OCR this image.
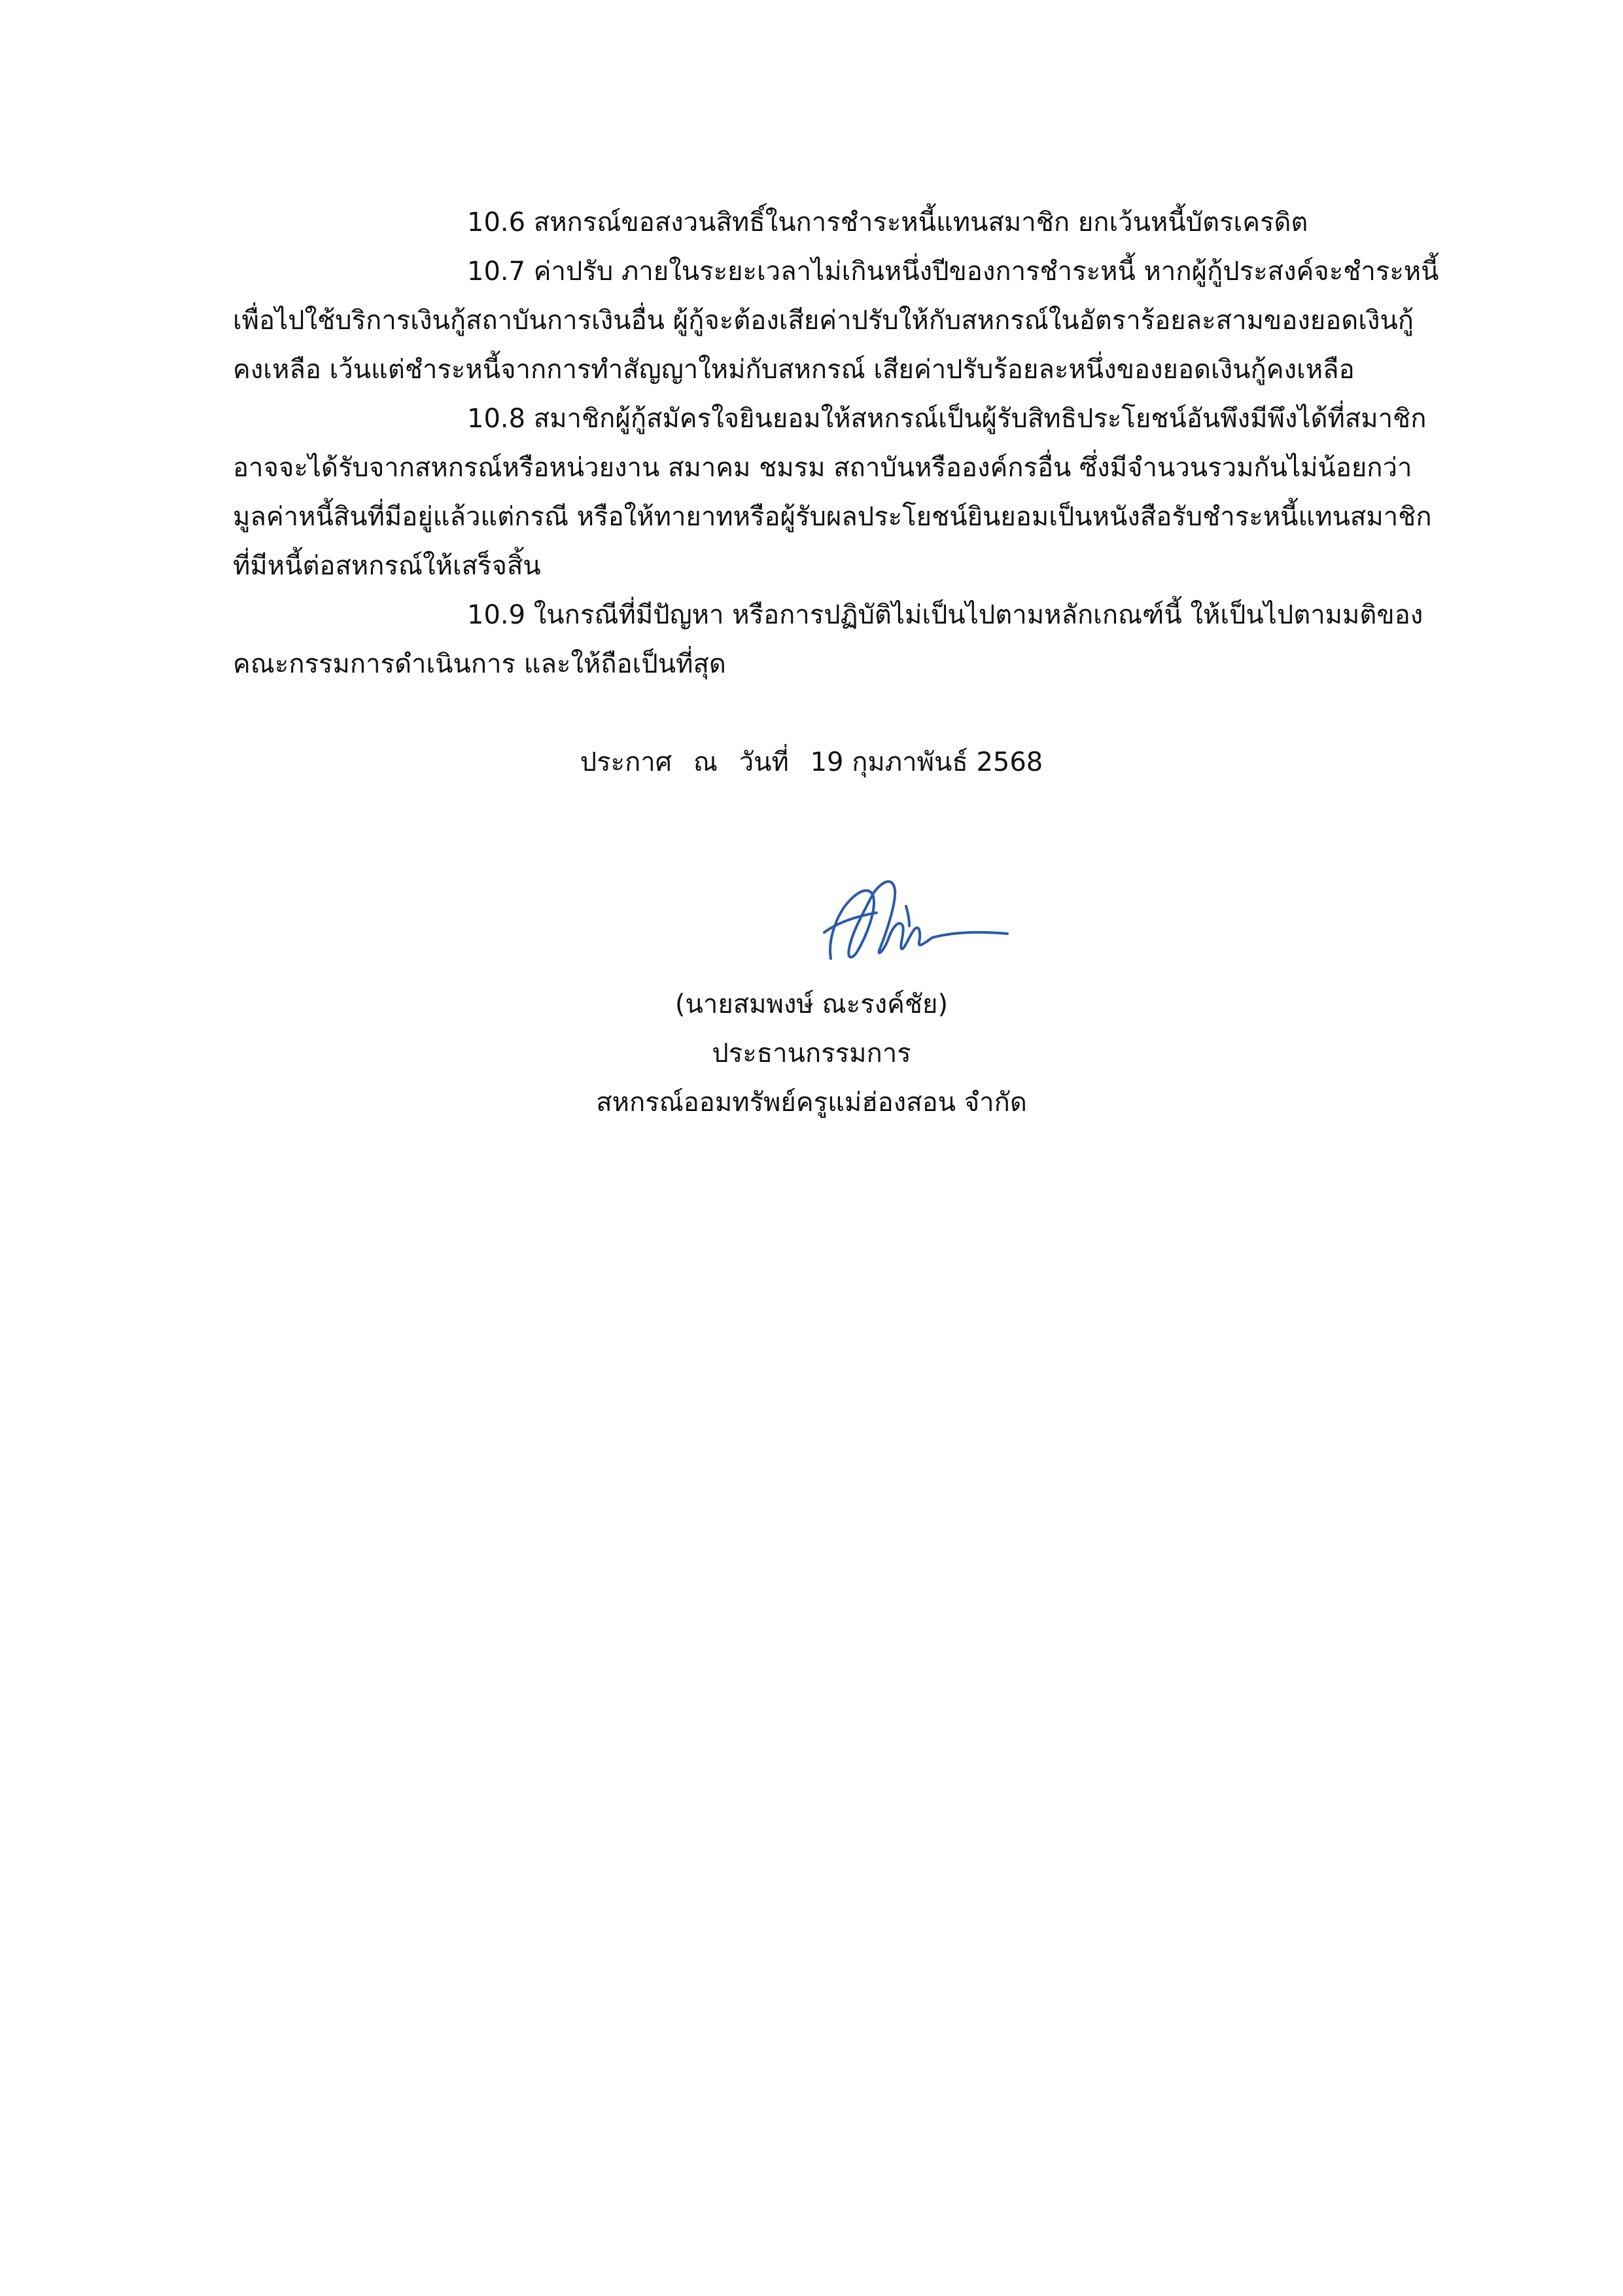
10.6 สหกรณ์ขอสงวนสิทธิ์ในการชำระหนี้แทนสมาชิก ยกเว้นหนี้บัตรเครดิต
10.7 ค่าปรับ ภายในระยะเวลาไม่เกินหนึ่งปีของการชำระหนี้ หากผู้กู้ประสงค์จะชำระหนี้
เพื่อไปใช้บริการเงินกู้สถาบันการเงินอื่น ผู้กู้จะต้องเสียค่าปรับให้กับสหกรณ์ในอัตราร้อยละสามของยอดเงินกู้
คงเหลือ เว้นแต่ชำระหนี้จากการทำสัญญาใหม่กับสหกรณ์ เสียค่าปรับร้อยละหนึ่งของยอดเงินกู้คงเหลือ
10.8 สมาชิกผู้กู้สมัครใจยินยอมให้สหกรณ์เป็นผู้รับสิทธิประโยชน์อันพึงมีพึงได้ที่สมาชิก
อาจจะได้รับจากสหกรณ์หรือหน่วยงาน สมาคม ชมรม สถาบันหรือองค์กรอื่น ซึ่งมีจำนวนรวมกันไม่น้อยกว่า
มูลค่าหนี้สินที่มีอยู่แล้วแต่กรณี หรือให้ทายาทหรือผู้รับผลประโยชน์ยินยอมเป็นหนังสือรับชำระหนี้แทนสมาชิก
ที่มีหนี้ต่อสหกรณ์ให้เสร็จสิ้น
10.9 ในกรณีที่มีปัญหา หรือการปฏิบัติไม่เป็นไปตามหลักเกณฑ์นี้ ให้เป็นไปตามมติของ
คณะกรรมการดำเนินการ และให้ถือเป็นที่สุด
ประกาศ ณ วันที่ 19 กุมภาพันธ์ 2568
(นายสมพงษ์ ณะรงค์ชัย)
ประธานกรรมการ
สหกรณ์ออมทรัพย์ครูแม่ฮ่องสอน จำกัด
